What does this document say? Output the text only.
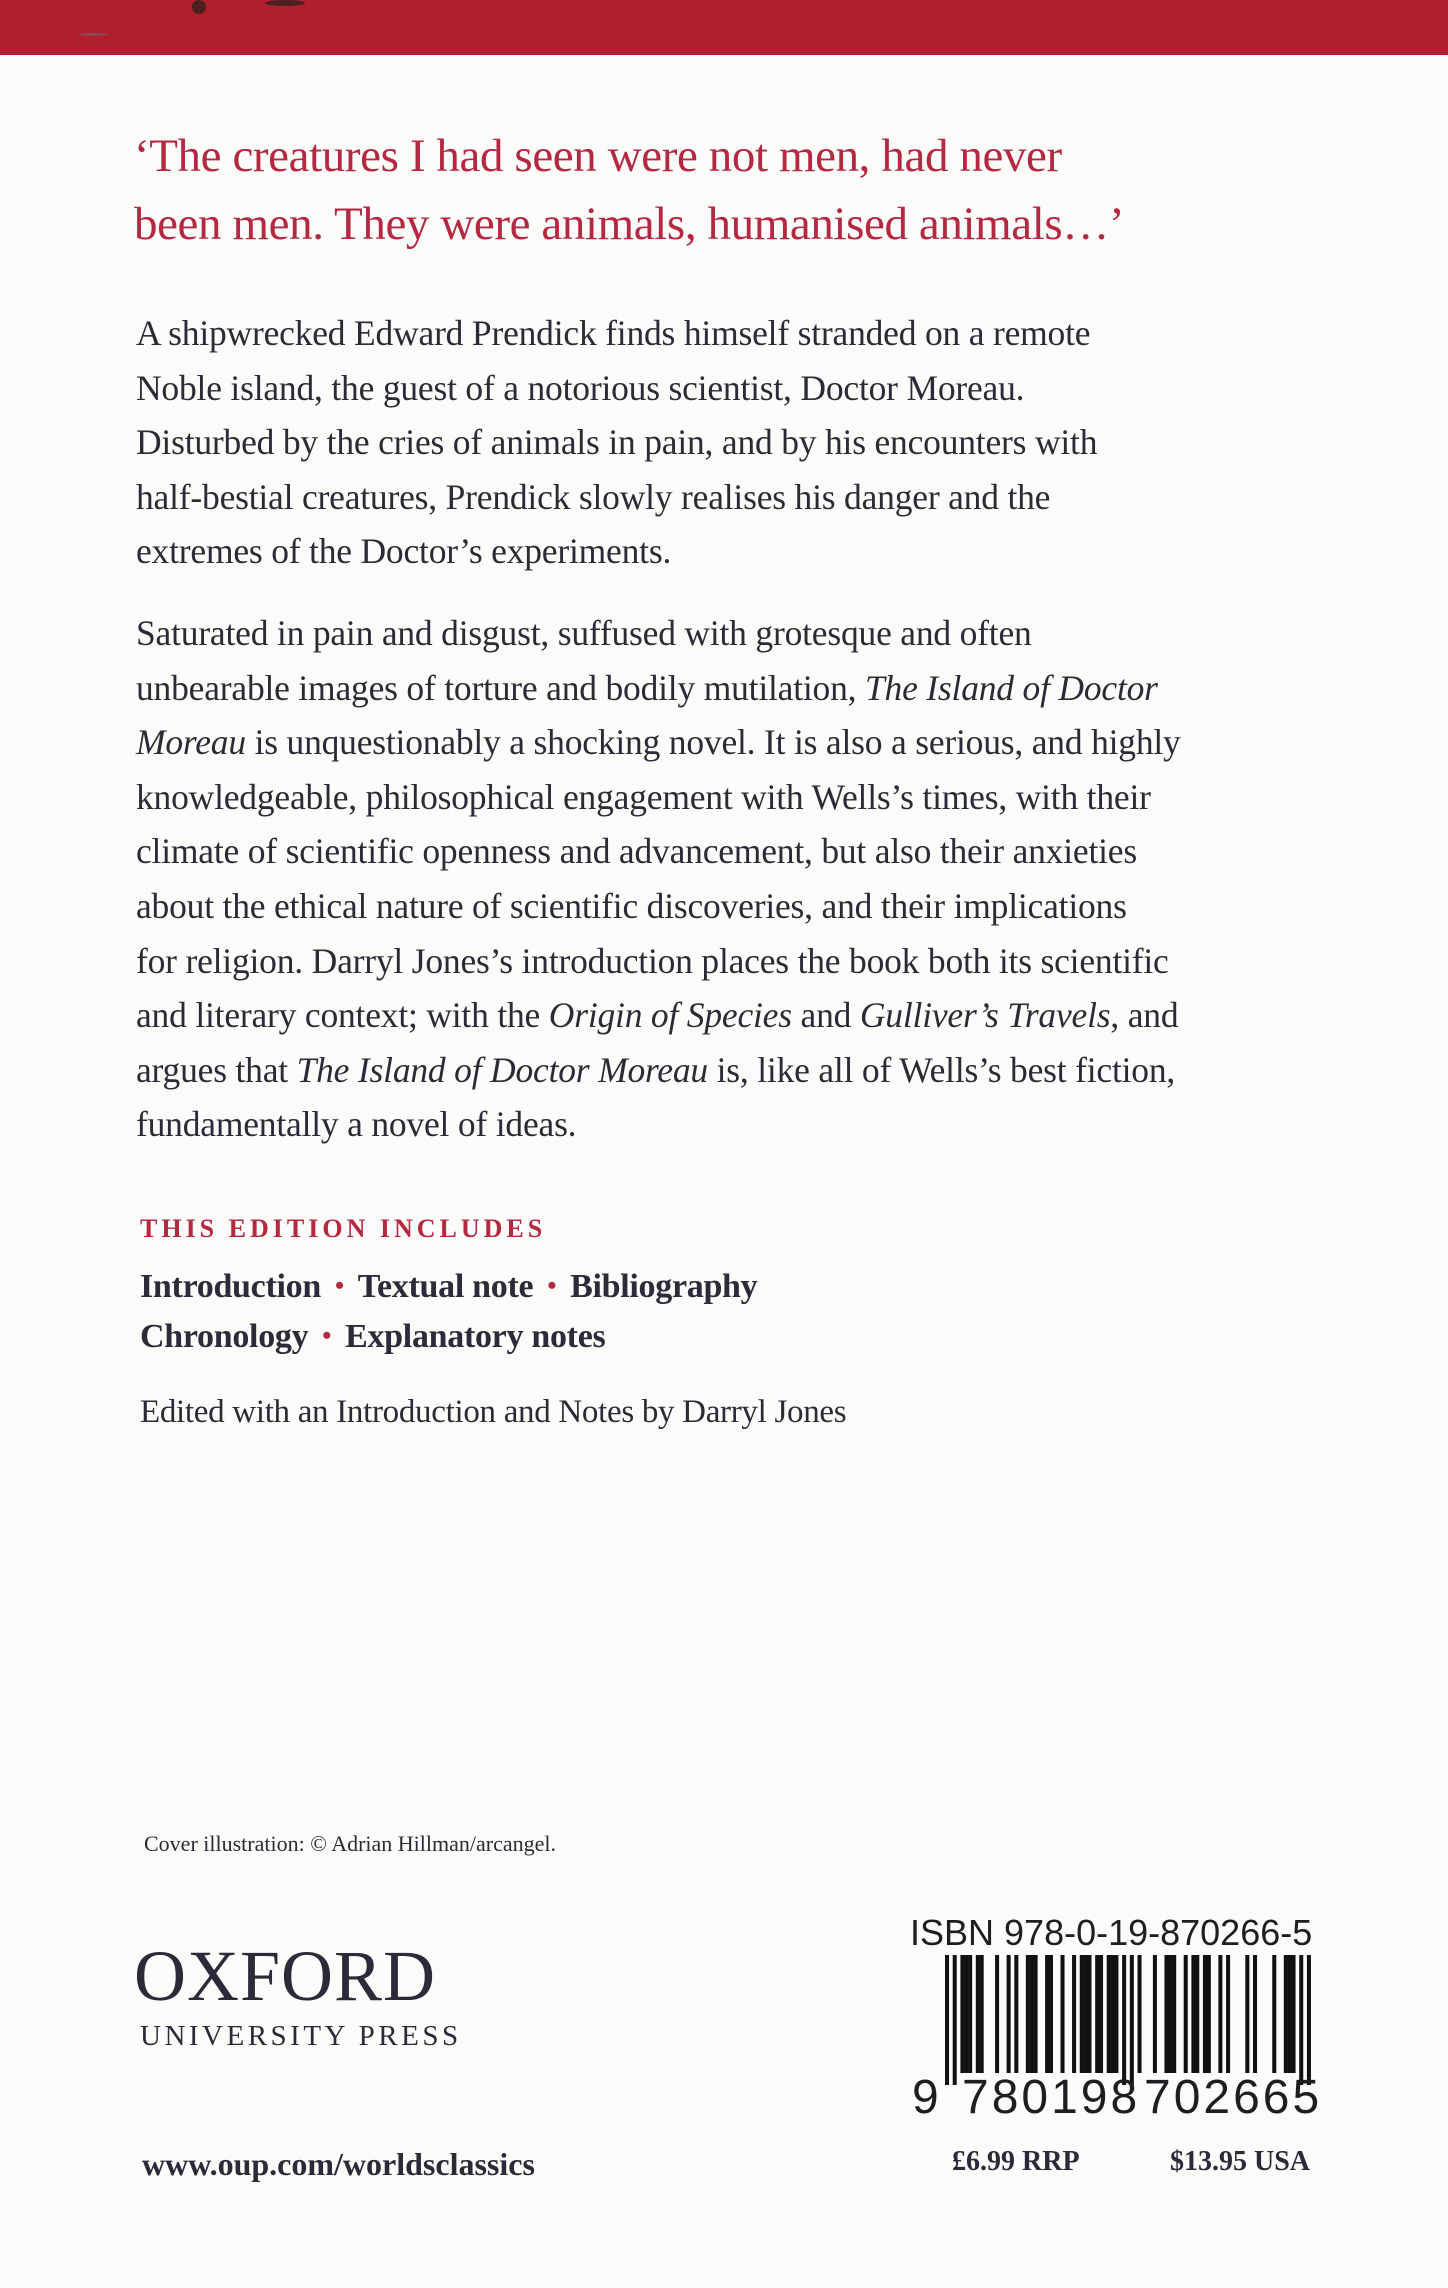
‘The creatures I had seen were not men, had never
been men. They were animals, humanised animals…’
A shipwrecked Edward Prendick finds himself stranded on a remote
Noble island, the guest of a notorious scientist, Doctor Moreau.
Disturbed by the cries of animals in pain, and by his encounters with
half-bestial creatures, Prendick slowly realises his danger and the
extremes of the Doctor’s experiments.
Saturated in pain and disgust, suffused with grotesque and often
unbearable images of torture and bodily mutilation, The Island of Doctor
Moreau is unquestionably a shocking novel. It is also a serious, and highly
knowledgeable, philosophical engagement with Wells’s times, with their
climate of scientific openness and advancement, but also their anxieties
about the ethical nature of scientific discoveries, and their implications
for religion. Darryl Jones’s introduction places the book both its scientific
and literary context; with the Origin of Species and Gulliver’s Travels, and
argues that The Island of Doctor Moreau is, like all of Wells’s best fiction,
fundamentally a novel of ideas.
THIS EDITION INCLUDES
Introduction • Textual note • Bibliography
Chronology • Explanatory notes
Edited with an Introduction and Notes by Darryl Jones
Cover illustration: © Adrian Hillman/arcangel.
OXFORD
UNIVERSITY PRESS
www.oup.com/worldsclassics
ISBN 978-0-19-870266-5
9 780198 702665
£6.99 RRP	$13.95 USA
